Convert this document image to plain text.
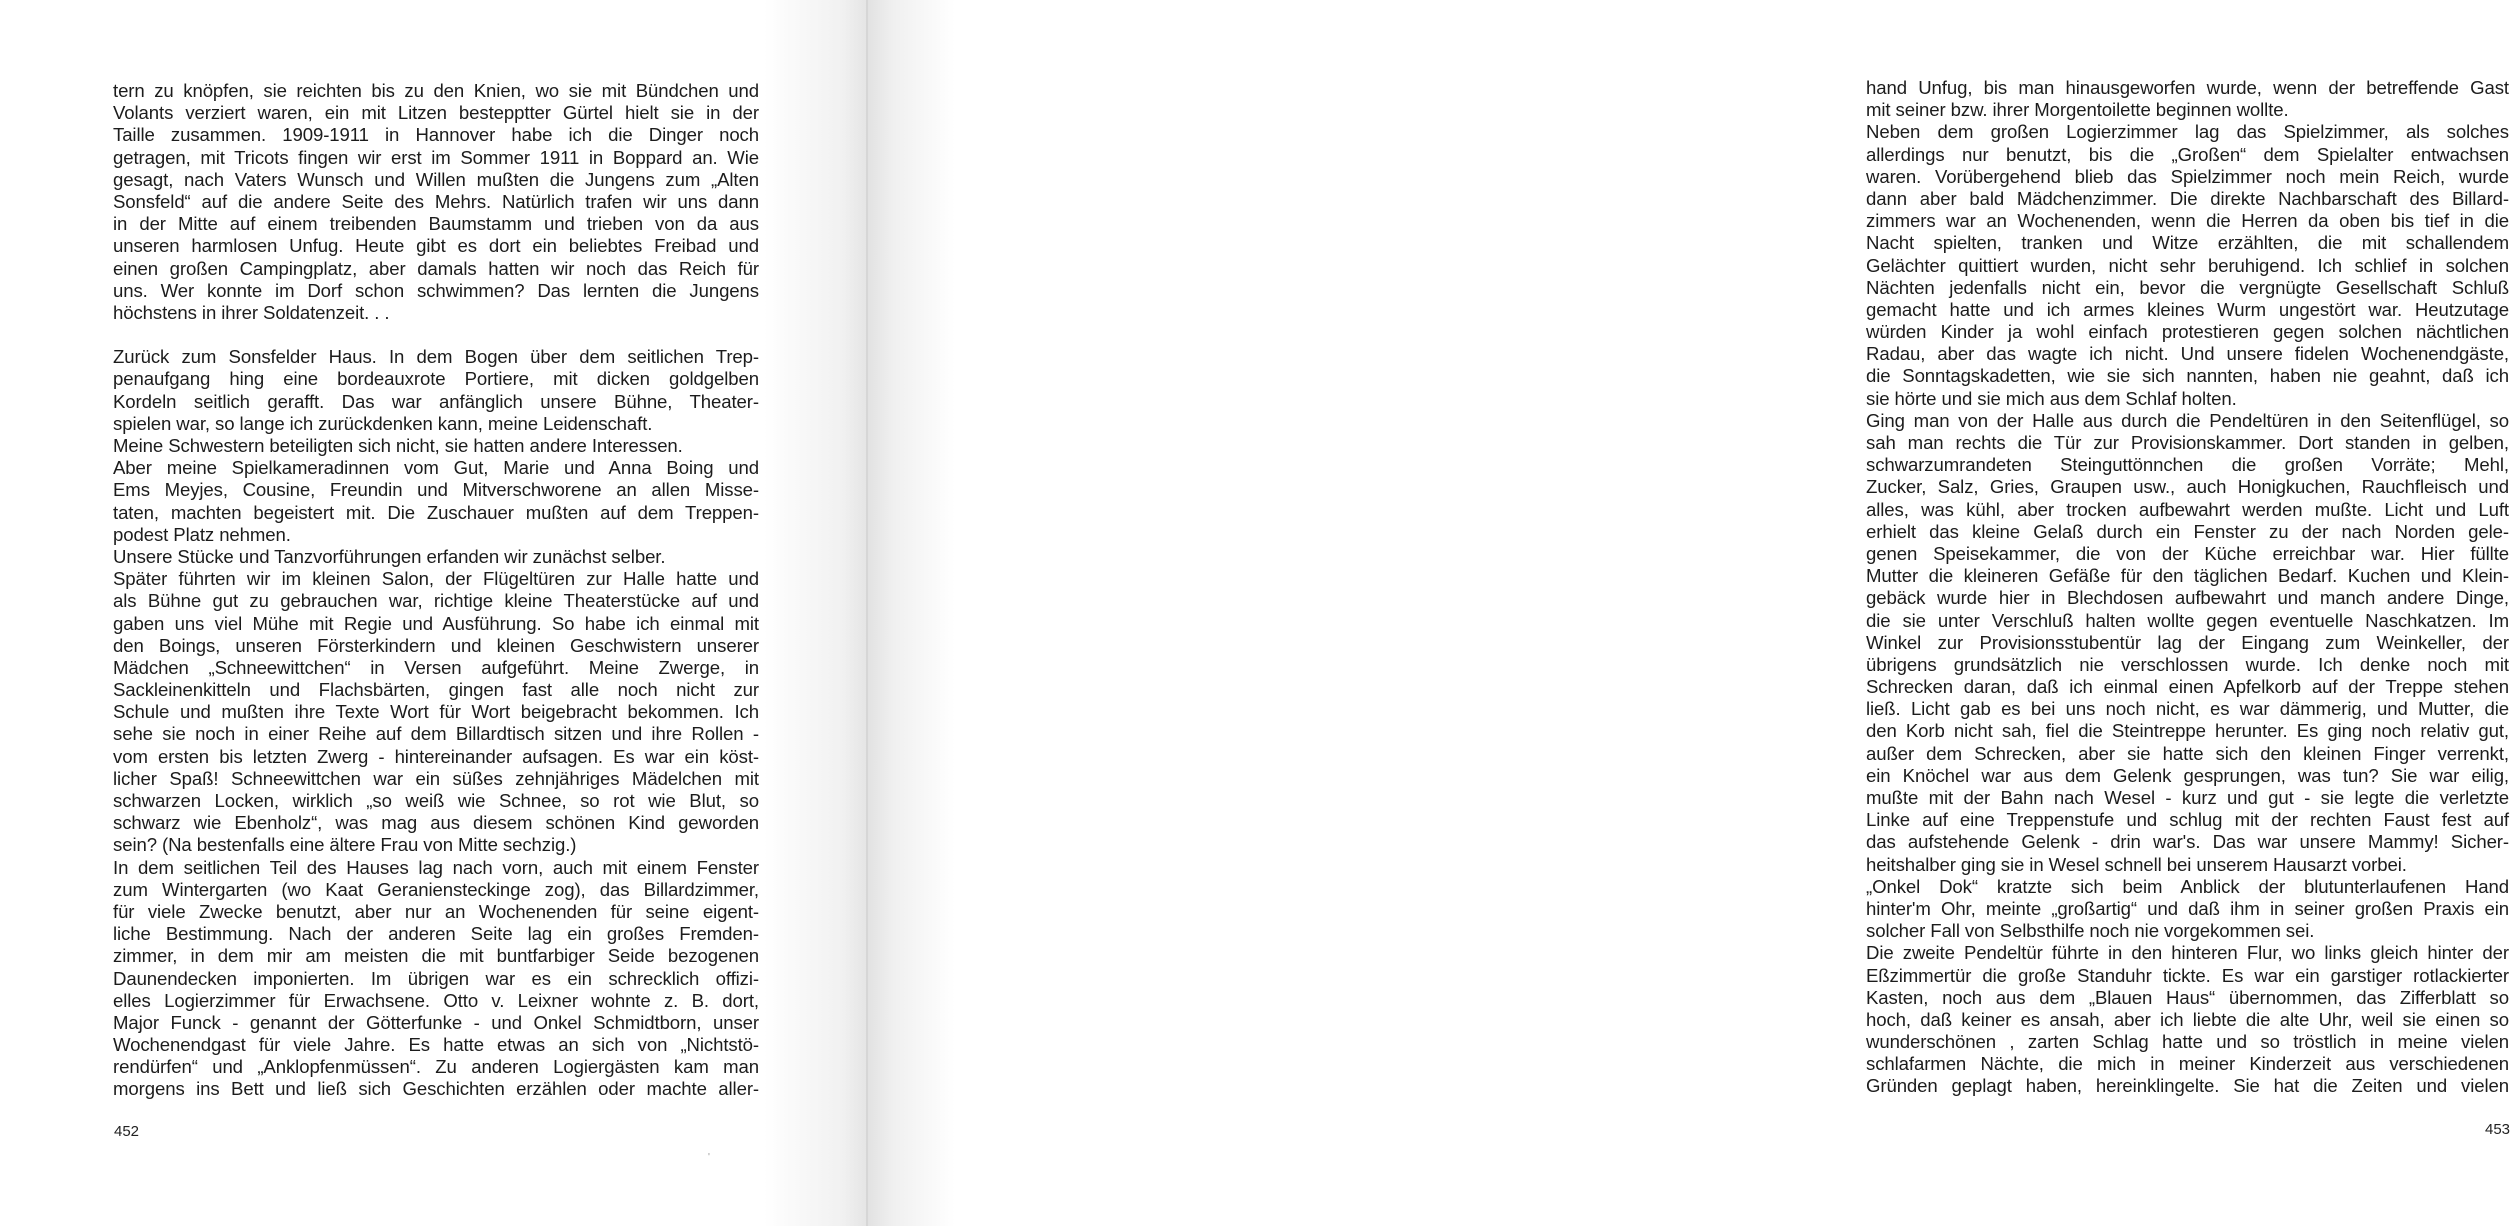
tern zu knöpfen, sie reichten bis zu den Knien, wo sie mit Bündchen und
Volants verziert waren, ein mit Litzen bestepptter Gürtel hielt sie in der
Taille zusammen. 1909-1911 in Hannover habe ich die Dinger noch
getragen, mit Tricots fingen wir erst im Sommer 1911 in Boppard an. Wie
gesagt, nach Vaters Wunsch und Willen mußten die Jungens zum „Alten
Sonsfeld“ auf die andere Seite des Mehrs. Natürlich trafen wir uns dann
in der Mitte auf einem treibenden Baumstamm und trieben von da aus
unseren harmlosen Unfug. Heute gibt es dort ein beliebtes Freibad und
einen großen Campingplatz, aber damals hatten wir noch das Reich für
uns. Wer konnte im Dorf schon schwimmen? Das lernten die Jungens
höchstens in ihrer Soldatenzeit. . .
Zurück zum Sonsfelder Haus. In dem Bogen über dem seitlichen Trep-
penaufgang hing eine bordeauxrote Portiere, mit dicken goldgelben
Kordeln seitlich gerafft. Das war anfänglich unsere Bühne, Theater-
spielen war, so lange ich zurückdenken kann, meine Leidenschaft.
Meine Schwestern beteiligten sich nicht, sie hatten andere Interessen.
Aber meine Spielkameradinnen vom Gut, Marie und Anna Boing und
Ems Meyjes, Cousine, Freundin und Mitverschworene an allen Misse-
taten, machten begeistert mit. Die Zuschauer mußten auf dem Treppen-
podest Platz nehmen.
Unsere Stücke und Tanzvorführungen erfanden wir zunächst selber.
Später führten wir im kleinen Salon, der Flügeltüren zur Halle hatte und
als Bühne gut zu gebrauchen war, richtige kleine Theaterstücke auf und
gaben uns viel Mühe mit Regie und Ausführung. So habe ich einmal mit
den Boings, unseren Försterkindern und kleinen Geschwistern unserer
Mädchen „Schneewittchen“ in Versen aufgeführt. Meine Zwerge, in
Sackleinenkitteln und Flachsbärten, gingen fast alle noch nicht zur
Schule und mußten ihre Texte Wort für Wort beigebracht bekommen. Ich
sehe sie noch in einer Reihe auf dem Billardtisch sitzen und ihre Rollen -
vom ersten bis letzten Zwerg - hintereinander aufsagen. Es war ein köst-
licher Spaß! Schneewittchen war ein süßes zehnjähriges Mädelchen mit
schwarzen Locken, wirklich „so weiß wie Schnee, so rot wie Blut, so
schwarz wie Ebenholz“, was mag aus diesem schönen Kind geworden
sein? (Na bestenfalls eine ältere Frau von Mitte sechzig.)
In dem seitlichen Teil des Hauses lag nach vorn, auch mit einem Fenster
zum Wintergarten (wo Kaat Geraniensteckinge zog), das Billardzimmer,
für viele Zwecke benutzt, aber nur an Wochenenden für seine eigent-
liche Bestimmung. Nach der anderen Seite lag ein großes Fremden-
zimmer, in dem mir am meisten die mit buntfarbiger Seide bezogenen
Daunendecken imponierten. Im übrigen war es ein schrecklich offizi-
elles Logierzimmer für Erwachsene. Otto v. Leixner wohnte z. B. dort,
Major Funck - genannt der Götterfunke - und Onkel Schmidtborn, unser
Wochenendgast für viele Jahre. Es hatte etwas an sich von „Nichtstö-
rendürfen“ und „Anklopfenmüssen“. Zu anderen Logiergästen kam man
morgens ins Bett und ließ sich Geschichten erzählen oder machte aller-
452
'
hand Unfug, bis man hinausgeworfen wurde, wenn der betreffende Gast
mit seiner bzw. ihrer Morgentoilette beginnen wollte.
Neben dem großen Logierzimmer lag das Spielzimmer, als solches
allerdings nur benutzt, bis die „Großen“ dem Spielalter entwachsen
waren. Vorübergehend blieb das Spielzimmer noch mein Reich, wurde
dann aber bald Mädchenzimmer. Die direkte Nachbarschaft des Billard-
zimmers war an Wochenenden, wenn die Herren da oben bis tief in die
Nacht spielten, tranken und Witze erzählten, die mit schallendem
Gelächter quittiert wurden, nicht sehr beruhigend. Ich schlief in solchen
Nächten jedenfalls nicht ein, bevor die vergnügte Gesellschaft Schluß
gemacht hatte und ich armes kleines Wurm ungestört war. Heutzutage
würden Kinder ja wohl einfach protestieren gegen solchen nächtlichen
Radau, aber das wagte ich nicht. Und unsere fidelen Wochenendgäste,
die Sonntagskadetten, wie sie sich nannten, haben nie geahnt, daß ich
sie hörte und sie mich aus dem Schlaf holten.
Ging man von der Halle aus durch die Pendeltüren in den Seitenflügel, so
sah man rechts die Tür zur Provisionskammer. Dort standen in gelben,
schwarzumrandeten Steinguttönnchen die großen Vorräte; Mehl,
Zucker, Salz, Gries, Graupen usw., auch Honigkuchen, Rauchfleisch und
alles, was kühl, aber trocken aufbewahrt werden mußte. Licht und Luft
erhielt das kleine Gelaß durch ein Fenster zu der nach Norden gele-
genen Speisekammer, die von der Küche erreichbar war. Hier füllte
Mutter die kleineren Gefäße für den täglichen Bedarf. Kuchen und Klein-
gebäck wurde hier in Blechdosen aufbewahrt und manch andere Dinge,
die sie unter Verschluß halten wollte gegen eventuelle Naschkatzen. Im
Winkel zur Provisionsstubentür lag der Eingang zum Weinkeller, der
übrigens grundsätzlich nie verschlossen wurde. Ich denke noch mit
Schrecken daran, daß ich einmal einen Apfelkorb auf der Treppe stehen
ließ. Licht gab es bei uns noch nicht, es war dämmerig, und Mutter, die
den Korb nicht sah, fiel die Steintreppe herunter. Es ging noch relativ gut,
außer dem Schrecken, aber sie hatte sich den kleinen Finger verrenkt,
ein Knöchel war aus dem Gelenk gesprungen, was tun? Sie war eilig,
mußte mit der Bahn nach Wesel - kurz und gut - sie legte die verletzte
Linke auf eine Treppenstufe und schlug mit der rechten Faust fest auf
das aufstehende Gelenk - drin war's. Das war unsere Mammy! Sicher-
heitshalber ging sie in Wesel schnell bei unserem Hausarzt vorbei.
„Onkel Dok“ kratzte sich beim Anblick der blutunterlaufenen Hand
hinter'm Ohr, meinte „großartig“ und daß ihm in seiner großen Praxis ein
solcher Fall von Selbsthilfe noch nie vorgekommen sei.
Die zweite Pendeltür führte in den hinteren Flur, wo links gleich hinter der
Eßzimmertür die große Standuhr tickte. Es war ein garstiger rotlackierter
Kasten, noch aus dem „Blauen Haus“ übernommen, das Zifferblatt so
hoch, daß keiner es ansah, aber ich liebte die alte Uhr, weil sie einen so
wunderschönen , zarten Schlag hatte und so tröstlich in meine vielen
schlafarmen Nächte, die mich in meiner Kinderzeit aus verschiedenen
Gründen geplagt haben, hereinklingelte. Sie hat die Zeiten und vielen
453
